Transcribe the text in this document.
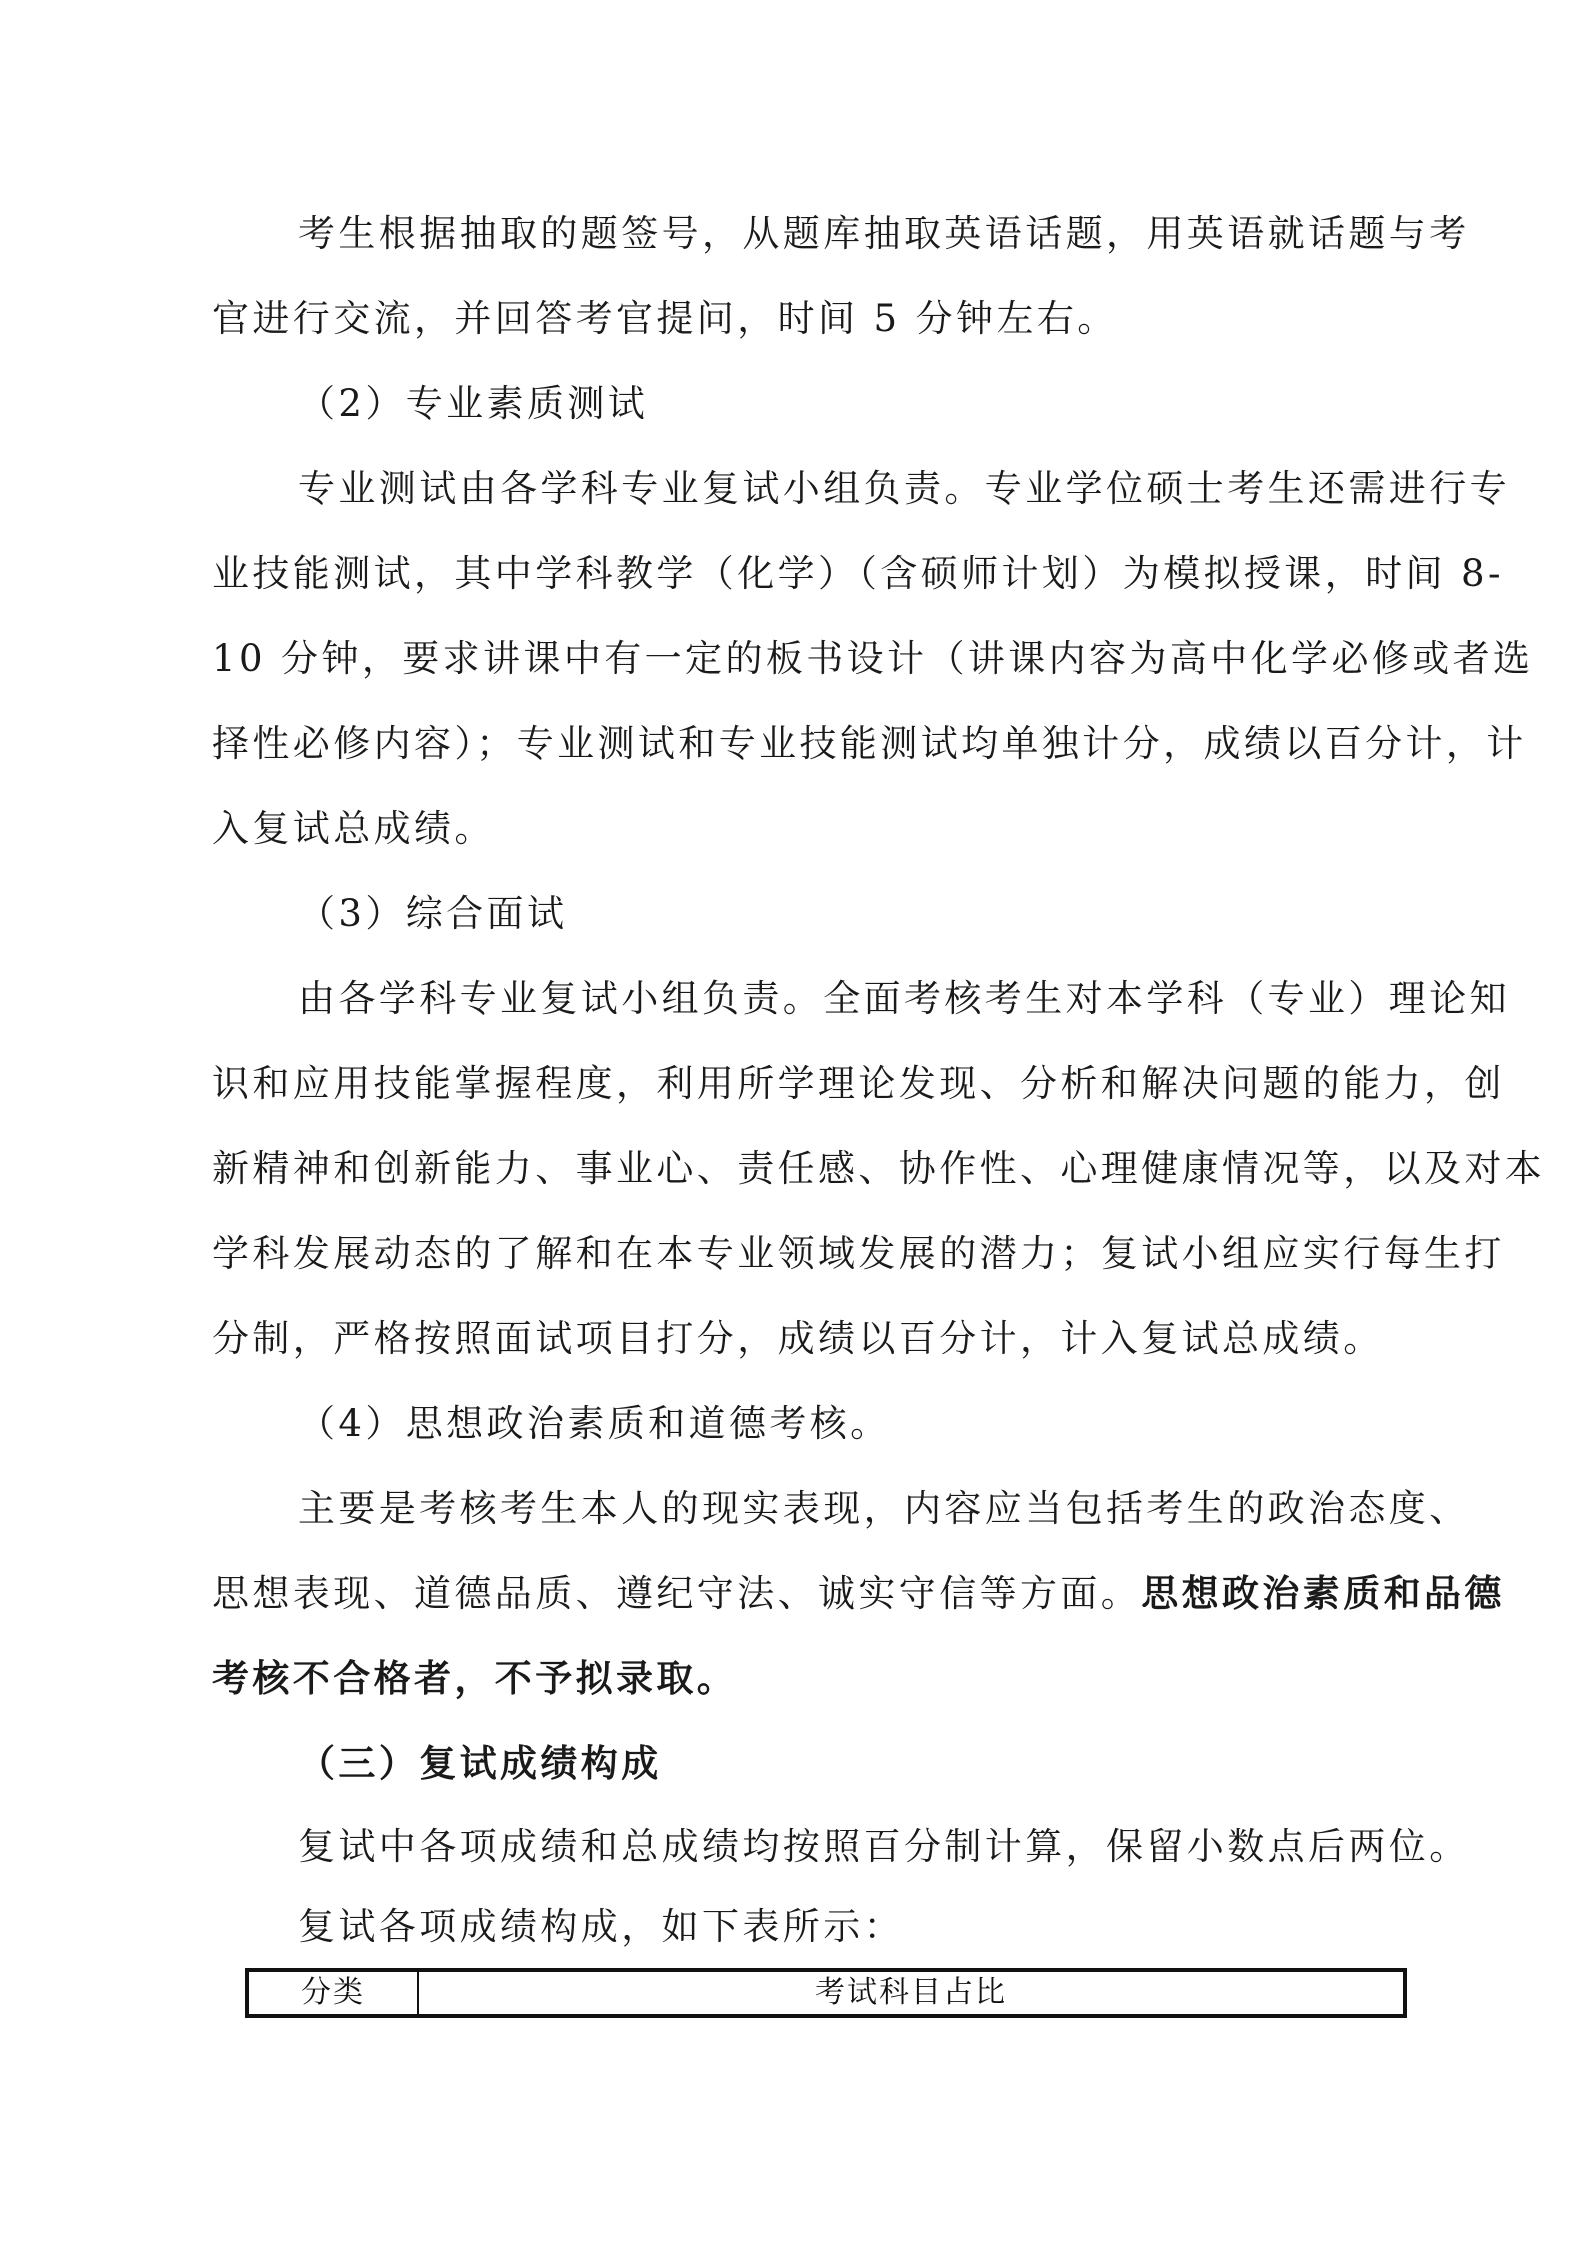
考生根据抽取的题签号，从题库抽取英语话题，用英语就话题与考
官进行交流，并回答考官提问，时间 5 分钟左右。
（2）专业素质测试
专业测试由各学科专业复试小组负责。专业学位硕士考生还需进行专
业技能测试，其中学科教学（化学）（含硕师计划）为模拟授课，时间 8-
10 分钟，要求讲课中有一定的板书设计（讲课内容为高中化学必修或者选
择性必修内容）；专业测试和专业技能测试均单独计分，成绩以百分计，计
入复试总成绩。
（3）综合面试
由各学科专业复试小组负责。全面考核考生对本学科（专业）理论知
识和应用技能掌握程度，利用所学理论发现、分析和解决问题的能力，创
新精神和创新能力、事业心、责任感、协作性、心理健康情况等，以及对本
学科发展动态的了解和在本专业领域发展的潜力；复试小组应实行每生打
分制，严格按照面试项目打分，成绩以百分计，计入复试总成绩。
（4）思想政治素质和道德考核。
主要是考核考生本人的现实表现，内容应当包括考生的政治态度、
思想表现、道德品质、遵纪守法、诚实守信等方面。思想政治素质和品德
考核不合格者，不予拟录取。
（三）复试成绩构成
复试中各项成绩和总成绩均按照百分制计算，保留小数点后两位。
复试各项成绩构成，如下表所示：
分类	考试科目占比
